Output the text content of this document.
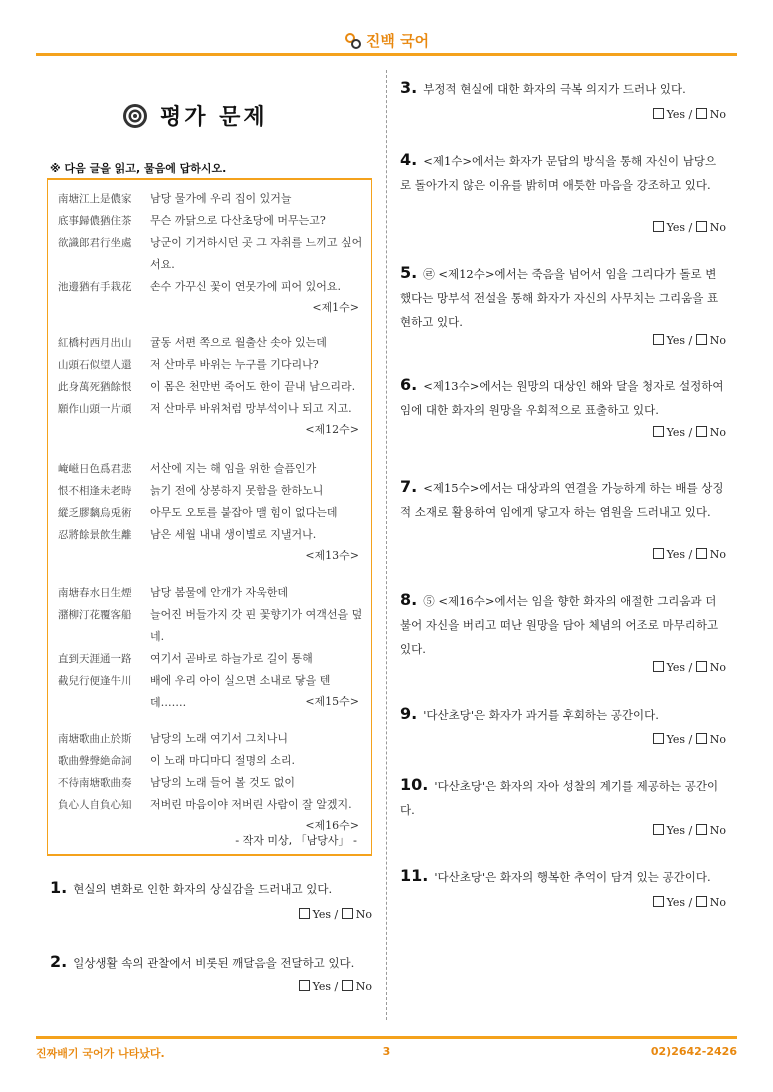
진백 국어
평가 문제
※ 다음 글을 읽고, 물음에 답하시오.
南塘江上是儂家	남당 물가에 우리 집이 있거늘
底事歸儂猶住茶	무슨 까닭으로 다산초당에 머무는고?
欲識郎君行坐處	낭군이 기거하시던 곳 그 자취를 느끼고 싶어서요.
池邊猶有手栽花	손수 가꾸신 꽃이 연못가에 피어 있어요.
<제1수>
紅橋村西月出山	귤동 서편 쪽으로 월출산 솟아 있는데
山頭石似望人還	저 산마루 바위는 누구를 기다리나?
此身萬死猶餘恨	이 몸은 천만번 죽어도 한이 끝내 남으리라.
願作山頭一片頑	저 산마루 바위처럼 망부석이나 되고 지고.
<제12수>
崦嵫日色爲君悲	서산에 지는 해 임을 위한 슬픔인가
恨不相逢未老時	늙기 전에 상봉하지 못함을 한하노니
縱乏膠黐烏兎術	아무도 오토를 붙잡아 맬 힘이 없다는데
忍將餘景飮生離	남은 세월 내내 생이별로 지낼거나.
<제13수>
南塘春水日生煙	남당 봄물에 안개가 자욱한데
潴柳汀花覆客船	늘어진 버들가지 갓 핀 꽃향기가 여객선을 덮네.
直到天涯通一路	여기서 곧바로 하늘가로 길이 통해
截兒行便逢牛川	배에 우리 아이 실으면 소내로 닿을 텐데…….	<제15수>
南塘歌曲止於斯	남당의 노래 여기서 그치나니
歌曲聲聲絶命詞	이 노래 마디마디 절명의 소리.
不待南塘歌曲奏	남당의 노래 들어 볼 것도 없이
負心人自負心知	저버린 마음이야 저버린 사람이 잘 알겠지.
<제16수>
- 작자 미상, 「남당사」 -
1. 현실의 변화로 인한 화자의 상실감을 드러내고 있다.
Yes / No
2. 일상생활 속의 관찰에서 비롯된 깨달음을 전달하고 있다.
Yes / No
3. 부정적 현실에 대한 화자의 극복 의지가 드러나 있다.
Yes / No
4. <제1수>에서는 화자가 문답의 방식을 통해 자신이 남당으로 돌아가지 않은 이유를 밝히며 애틋한 마음을 강조하고 있다.
Yes / No
5. ㉣ <제12수>에서는 죽음을 넘어서 임을 그리다가 돌로 변했다는 망부석 전설을 통해 화자가 자신의 사무치는 그리움을 표현하고 있다.
Yes / No
6. <제13수>에서는 원망의 대상인 해와 달을 청자로 설정하여 임에 대한 화자의 원망을 우회적으로 표출하고 있다.
Yes / No
7. <제15수>에서는 대상과의 연결을 가능하게 하는 배를 상징적 소재로 활용하여 임에게 닿고자 하는 염원을 드러내고 있다.
Yes / No
8. ⑤ <제16수>에서는 임을 향한 화자의 애절한 그리움과 더불어 자신을 버리고 떠난 원망을 담아 체념의 어조로 마무리하고 있다.
Yes / No
9. '다산초당'은 화자가 과거를 후회하는 공간이다.
Yes / No
10. '다산초당'은 화자의 자아 성찰의 계기를 제공하는 공간이다.
Yes / No
11. '다산초당'은 화자의 행복한 추억이 담겨 있는 공간이다.
Yes / No
진짜배기 국어가 나타났다.	3	02)2642-2426
